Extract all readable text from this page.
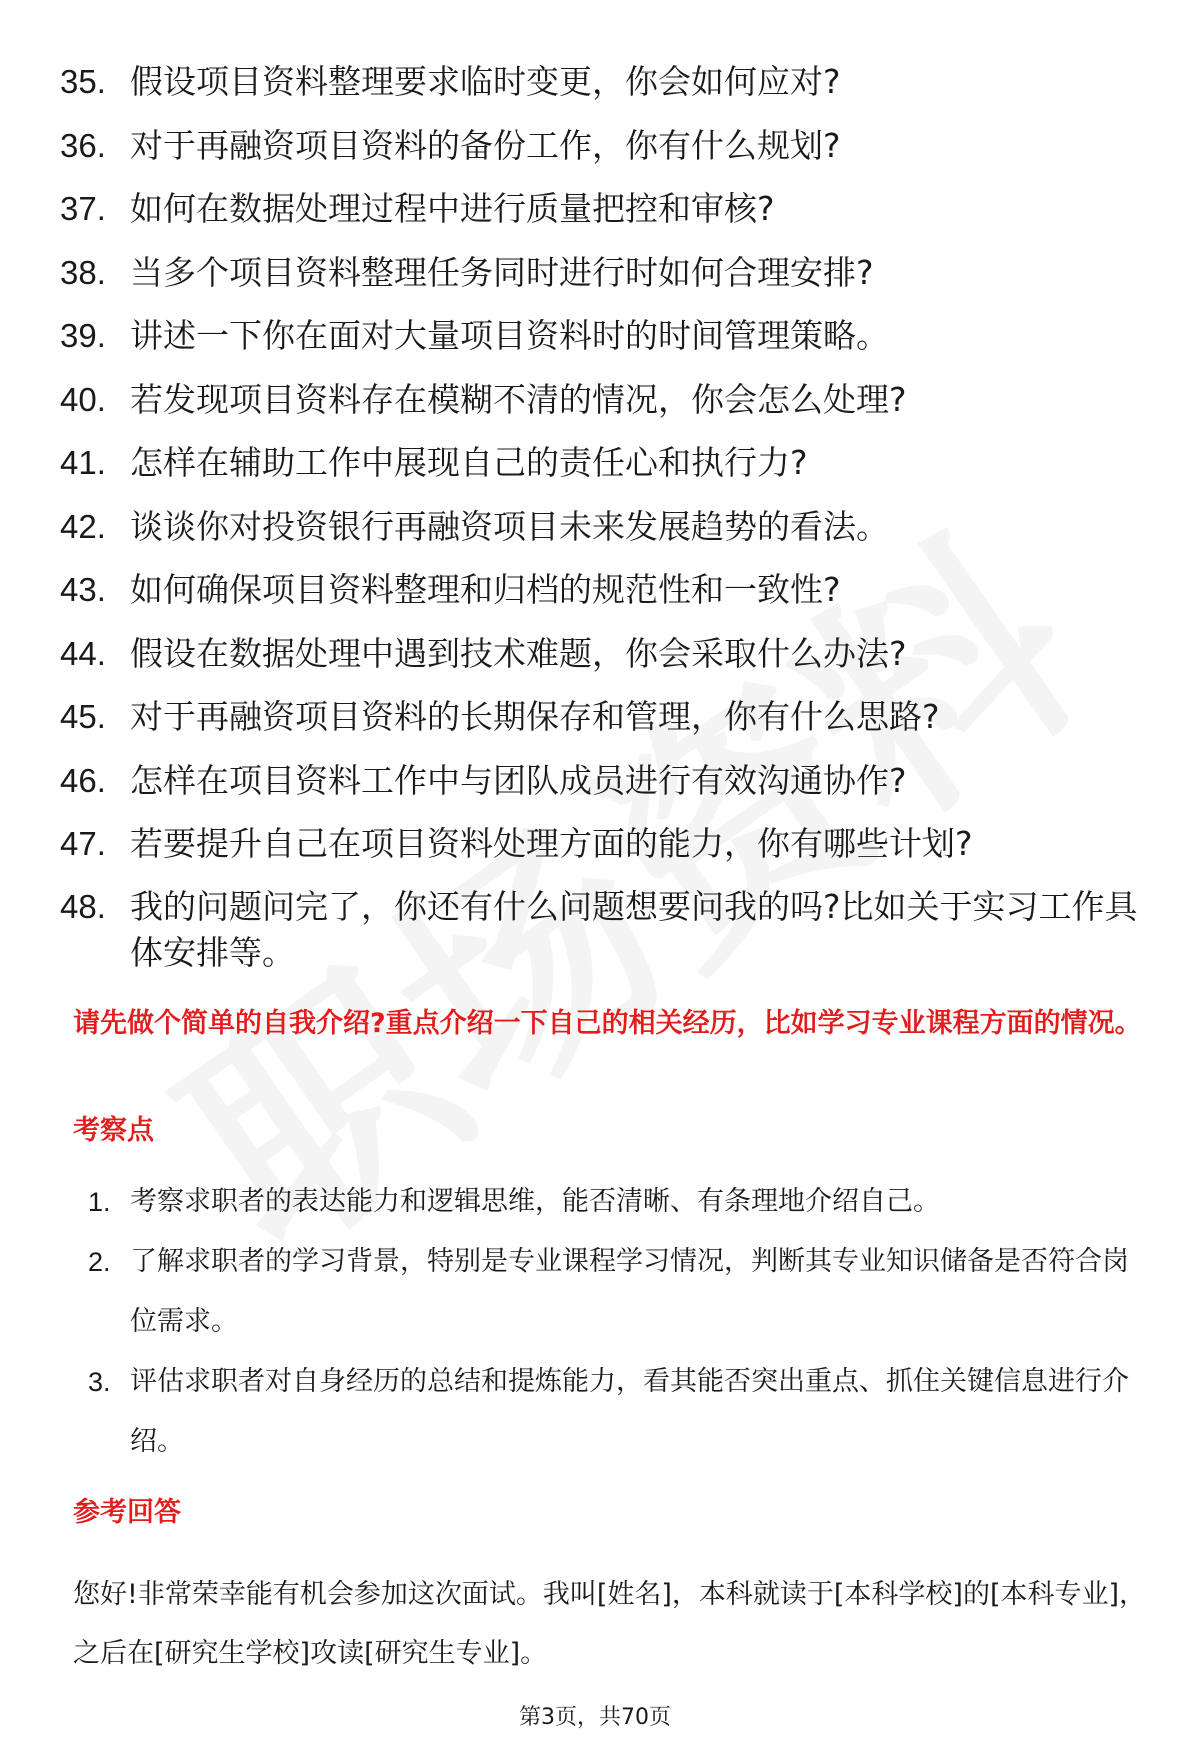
35. 假设项目资料整理要求临时变更，你会如何应对?
36. 对于再融资项目资料的备份工作，你有什么规划?
37. 如何在数据处理过程中进行质量把控和审核?
38. 当多个项目资料整理任务同时进行时如何合理安排?
39. 讲述一下你在面对大量项目资料时的时间管理策略。
40. 若发现项目资料存在模糊不清的情况，你会怎么处理?
41. 怎样在辅助工作中展现自己的责任心和执行力?
42. 谈谈你对投资银行再融资项目未来发展趋势的看法。
43. 如何确保项目资料整理和归档的规范性和一致性?
44. 假设在数据处理中遇到技术难题，你会采取什么办法?
45. 对于再融资项目资料的长期保存和管理，你有什么思路?
46. 怎样在项目资料工作中与团队成员进行有效沟通协作?
47. 若要提升自己在项目资料处理方面的能力，你有哪些计划?
48. 我的问题问完了，你还有什么问题想要问我的吗?比如关于实习工作具体安排等。

请先做个简单的自我介绍?重点介绍一下自己的相关经历，比如学习专业课程方面的情况。

考察点

1. 考察求职者的表达能力和逻辑思维，能否清晰、有条理地介绍自己。
2. 了解求职者的学习背景，特别是专业课程学习情况，判断其专业知识储备是否符合岗位需求。
3. 评估求职者对自身经历的总结和提炼能力，看其能否突出重点、抓住关键信息进行介绍。

参考回答

您好!非常荣幸能有机会参加这次面试。我叫[姓名]，本科就读于[本科学校]的[本科专业]，之后在[研究生学校]攻读[研究生专业]。

第3页，共70页
